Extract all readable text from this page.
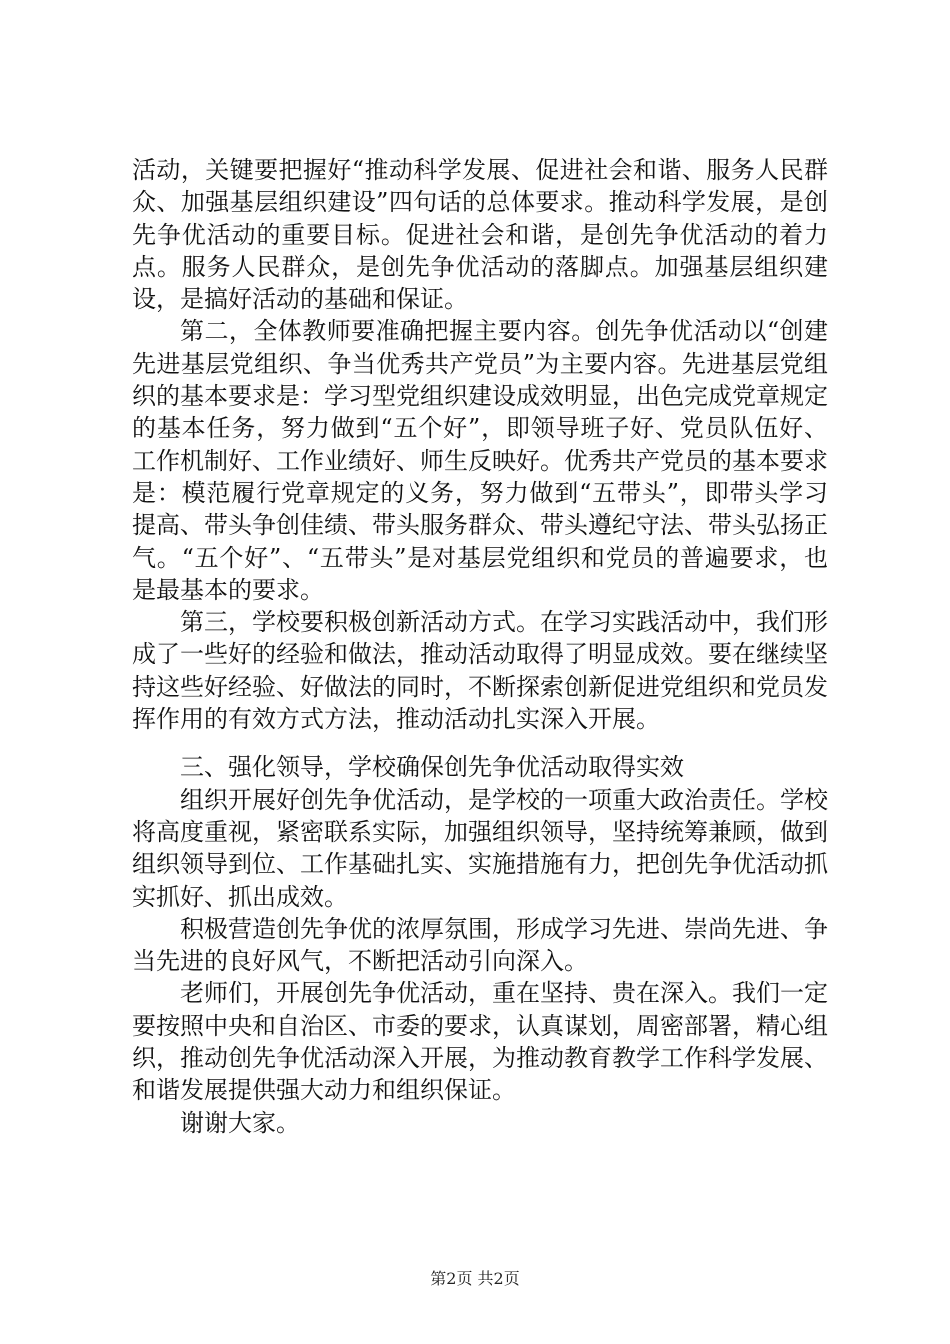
活动，关键要把握好“推动科学发展、促进社会和谐、服务人民群众、加强基层组织建设”四句话的总体要求。推动科学发展，是创先争优活动的重要目标。促进社会和谐，是创先争优活动的着力点。服务人民群众，是创先争优活动的落脚点。加强基层组织建设，是搞好活动的基础和保证。

第二，全体教师要准确把握主要内容。创先争优活动以“创建先进基层党组织、争当优秀共产党员”为主要内容。先进基层党组织的基本要求是：学习型党组织建设成效明显，出色完成党章规定的基本任务，努力做到“五个好”，即领导班子好、党员队伍好、工作机制好、工作业绩好、师生反映好。优秀共产党员的基本要求是：模范履行党章规定的义务，努力做到“五带头”，即带头学习提高、带头争创佳绩、带头服务群众、带头遵纪守法、带头弘扬正气。“五个好”、“五带头”是对基层党组织和党员的普遍要求，也是最基本的要求。

第三，学校要积极创新活动方式。在学习实践活动中，我们形成了一些好的经验和做法，推动活动取得了明显成效。要在继续坚持这些好经验、好做法的同时，不断探索创新促进党组织和党员发挥作用的有效方式方法，推动活动扎实深入开展。

三、强化领导，学校确保创先争优活动取得实效

组织开展好创先争优活动，是学校的一项重大政治责任。学校将高度重视，紧密联系实际，加强组织领导，坚持统筹兼顾，做到组织领导到位、工作基础扎实、实施措施有力，把创先争优活动抓实抓好、抓出成效。

积极营造创先争优的浓厚氛围，形成学习先进、崇尚先进、争当先进的良好风气，不断把活动引向深入。

老师们，开展创先争优活动，重在坚持、贵在深入。我们一定要按照中央和自治区、市委的要求，认真谋划，周密部署，精心组织，推动创先争优活动深入开展，为推动教育教学工作科学发展、和谐发展提供强大动力和组织保证。

谢谢大家。

第2页 共2页
